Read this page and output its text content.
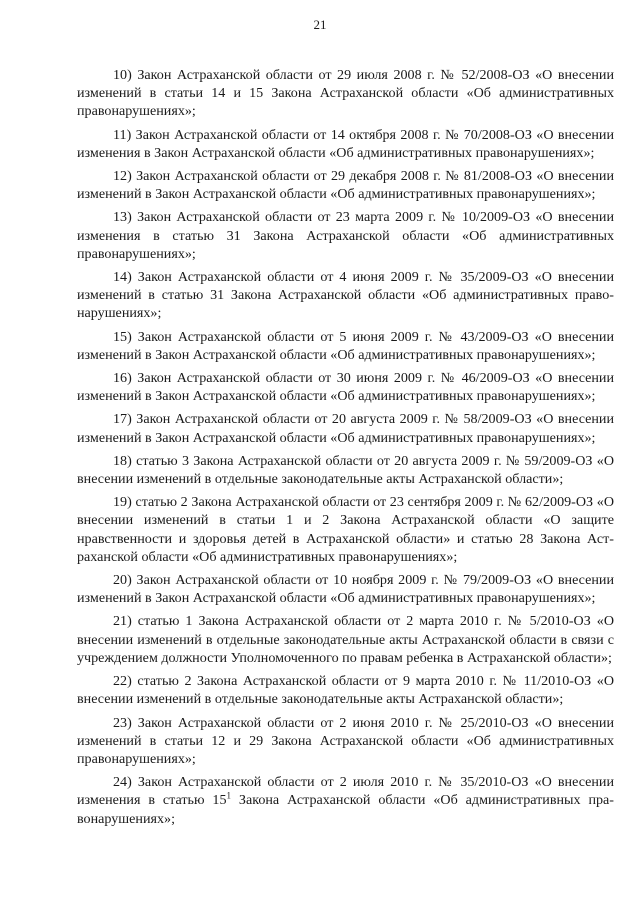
21

10) Закон Астраханской области от 29 июля 2008 г. № 52/2008-ОЗ «О внесении изменений в статьи 14 и 15 Закона Астраханской области «Об административных правонарушениях»;

11) Закон Астраханской области от 14 октября 2008 г. № 70/2008-ОЗ «О внесении изменения в Закон Астраханской области «Об административных правонарушениях»;

12) Закон Астраханской области от 29 декабря 2008 г. № 81/2008-ОЗ «О внесении изменений в Закон Астраханской области «Об административных правонарушениях»;

13) Закон Астраханской области от 23 марта 2009 г. № 10/2009-ОЗ «О внесении изменения в статью 31 Закона Астраханской области «Об административных правонарушениях»;

14) Закон Астраханской области от 4 июня 2009 г. № 35/2009-ОЗ «О внесении изменений в статью 31 Закона Астраханской области «Об административных правонарушениях»;

15) Закон Астраханской области от 5 июня 2009 г. № 43/2009-ОЗ «О внесении изменений в Закон Астраханской области «Об административных правонарушениях»;

16) Закон Астраханской области от 30 июня 2009 г. № 46/2009-ОЗ «О внесении изменений в Закон Астраханской области «Об административных правонарушениях»;

17) Закон Астраханской области от 20 августа 2009 г. № 58/2009-ОЗ «О внесении изменений в Закон Астраханской области «Об административных правонарушениях»;

18) статью 3 Закона Астраханской области от 20 августа 2009 г. № 59/2009-ОЗ «О внесении изменений в отдельные законодательные акты Астраханской области»;

19) статью 2 Закона Астраханской области от 23 сентября 2009 г. № 62/2009-ОЗ «О внесении изменений в статьи 1 и 2 Закона Астраханской области «О защите нравственности и здоровья детей в Астраханской области» и статью 28 Закона Астраханской области «Об административных правонарушениях»;

20) Закон Астраханской области от 10 ноября 2009 г. № 79/2009-ОЗ «О внесении изменений в Закон Астраханской области «Об административных правонарушениях»;

21) статью 1 Закона Астраханской области от 2 марта 2010 г. № 5/2010-ОЗ «О внесении изменений в отдельные законодательные акты Астраханской области в связи с учреждением должности Уполномоченного по правам ребенка в Астраханской области»;

22) статью 2 Закона Астраханской области от 9 марта 2010 г. № 11/2010-ОЗ «О внесении изменений в отдельные законодательные акты Астраханской области»;

23) Закон Астраханской области от 2 июня 2010 г. № 25/2010-ОЗ «О внесении изменений в статьи 12 и 29 Закона Астраханской области «Об административных правонарушениях»;

24) Закон Астраханской области от 2 июля 2010 г. № 35/2010-ОЗ «О внесении изменения в статью $15^1$ Закона Астраханской области «Об административных правонарушениях»;
